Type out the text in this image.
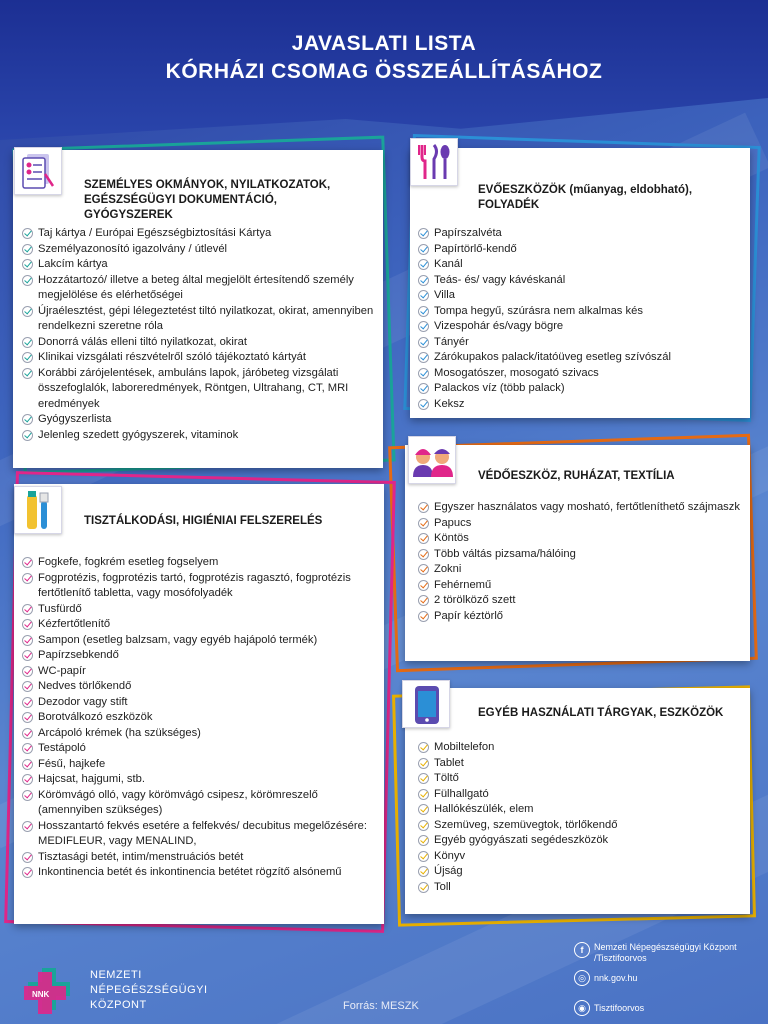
JAVASLATI LISTA
KÓRHÁZI CSOMAG ÖSSZEÁLLÍTÁSÁHOZ
SZEMÉLYES OKMÁNYOK, NYILATKOZATOK, EGÉSZSÉGÜGYI DOKUMENTÁCIÓ, GYÓGYSZEREK
Taj kártya / Európai Egészségbiztosítási Kártya
Személyazonosító igazolvány / útlevél
Lakcím kártya
Hozzátartozó/ illetve a beteg által megjelölt értesítendő személy megjelölése és elérhetőségei
Újraélesztést, gépi lélegeztetést tiltó nyilatkozat, okirat, amennyiben rendelkezni szeretne róla
Donorrá válás elleni tiltó nyilatkozat, okirat
Klinikai vizsgálati részvételről szóló tájékoztató kártyát
Korábbi zárójelentések, ambuláns lapok, járóbeteg vizsgálati összefoglalók, laboreredmények, Röntgen, Ultrahang, CT, MRI eredmények
Gyógyszerlista
Jelenleg szedett gyógyszerek, vitaminok
EVŐESZKÖZÖK (műanyag, eldobható), FOLYADÉK
Papírszalvéta
Papírtörlő-kendő
Kanál
Teás- és/ vagy kávéskanál
Villa
Tompa hegyű, szúrásra nem alkalmas kés
Vizespohár és/vagy bögre
Tányér
Zárókupakos palack/itatóüveg esetleg szívószál
Mosogatószer, mosogató szivacs
Palackos víz (több palack)
Keksz
VÉDŐESZKÖZ, RUHÁZAT, TEXTÍLIA
Egyszer használatos vagy mosható, fertőtleníthető szájmaszk
Papucs
Köntös
Több váltás pizsama/hálóing
Zokni
Fehérnemű
2 törölköző szett
Papír kéztörlő
TISZTÁLKODÁSI, HIGIÉNIAI FELSZERELÉS
Fogkefe, fogkrém esetleg fogselyem
Fogprotézis, fogprotézis tartó, fogprotézis ragasztó, fogprotézis fertőtlenítő tabletta, vagy mosófolyadék
Tusfürdő
Kézfertőtlenítő
Sampon (esetleg balzsam, vagy egyéb hajápoló termék)
Papírzsebkendő
WC-papír
Nedves törlőkendő
Dezodor vagy stift
Borotválkozó eszközök
Arcápoló krémek (ha szükséges)
Testápoló
Fésű, hajkefe
Hajcsat, hajgumi, stb.
Körömvágó olló, vagy körömvágó csipesz, körömreszelő (amennyiben szükséges)
Hosszantartó fekvés esetére a felfekvés/ decubitus megelőzésére: MEDIFLEUR, vagy MENALIND,
Tisztasági betét, intim/menstruációs betét
Inkontinencia betét és inkontinencia betétet rögzítő alsónemű
EGYÉB HASZNÁLATI TÁRGYAK, ESZKÖZÖK
Mobiltelefon
Tablet
Töltő
Fülhallgató
Hallókészülék, elem
Szemüveg, szemüvegtok, törlőkendő
Egyéb gyógyászati segédeszközök
Könyv
Újság
Toll
NNK
NEMZETI
NÉPEGÉSZSÉGÜGYI
KÖZPONT	Forrás: MESZK
f	Nemzeti Népegészségügyi Központ
/Tisztifoorvos
◎ nnk.gov.hu
◉ Tisztifoorvos
